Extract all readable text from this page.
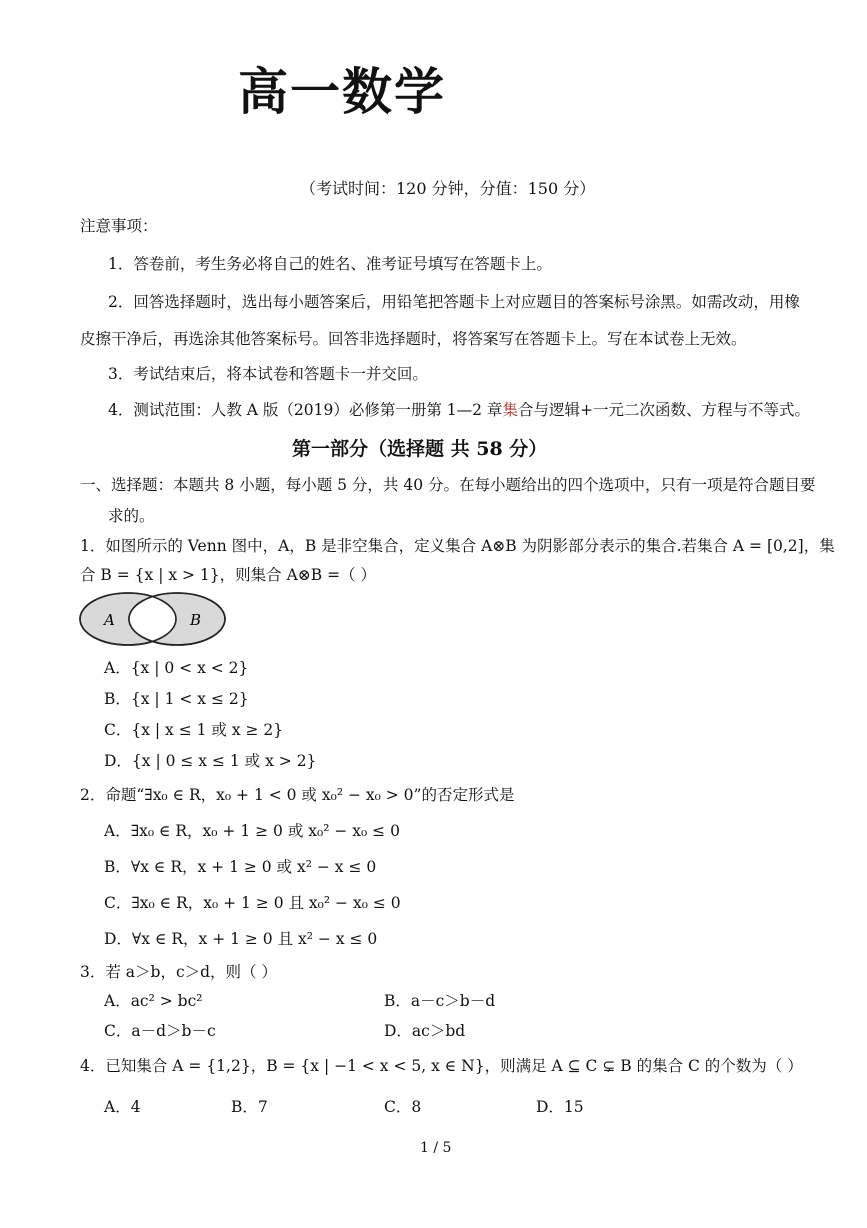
高一数学
（考试时间：120 分钟，分值：150 分）
注意事项：
1．答卷前，考生务必将自己的姓名、准考证号填写在答题卡上。
2．回答选择题时，选出每小题答案后，用铅笔把答题卡上对应题目的答案标号涂黑。如需改动，用橡
皮擦干净后，再选涂其他答案标号。回答非选择题时，将答案写在答题卡上。写在本试卷上无效。
3．考试结束后，将本试卷和答题卡一并交回。
4．测试范围：人教 A 版（2019）必修第一册第 1—2 章集合与逻辑+一元二次函数、方程与不等式。
第一部分（选择题 共 58 分）
一、选择题：本题共 8 小题，每小题 5 分，共 40 分。在每小题给出的四个选项中，只有一项是符合题目要
求的。
1．如图所示的 Venn 图中，A，B 是非空集合，定义集合 A⊗B 为阴影部分表示的集合.若集合 A = [0,2]，集
合 B = {x | x > 1}，则集合 A⊗B =（ ）
A	B
A．{x | 0 < x < 2}
B．{x | 1 < x ≤ 2}
C．{x | x ≤ 1 或 x ≥ 2}
D．{x | 0 ≤ x ≤ 1 或 x > 2}
2．命题“∃x₀ ∈ R，x₀ + 1 < 0 或 x₀² − x₀ > 0”的否定形式是
A．∃x₀ ∈ R，x₀ + 1 ≥ 0 或 x₀² − x₀ ≤ 0
B．∀x ∈ R，x + 1 ≥ 0 或 x² − x ≤ 0
C．∃x₀ ∈ R，x₀ + 1 ≥ 0 且 x₀² − x₀ ≤ 0
D．∀x ∈ R，x + 1 ≥ 0 且 x² − x ≤ 0
3．若 a＞b，c＞d，则（ ）
A．ac² > bc²	B．a－c＞b－d
C．a－d＞b－c	D．ac＞bd
4．已知集合 A = {1,2}，B = {x | −1 < x < 5, x ∈ N}，则满足 A ⊆ C ⊊ B 的集合 C 的个数为（ ）
A．4	B．7	C．8	D．15
1 / 5
